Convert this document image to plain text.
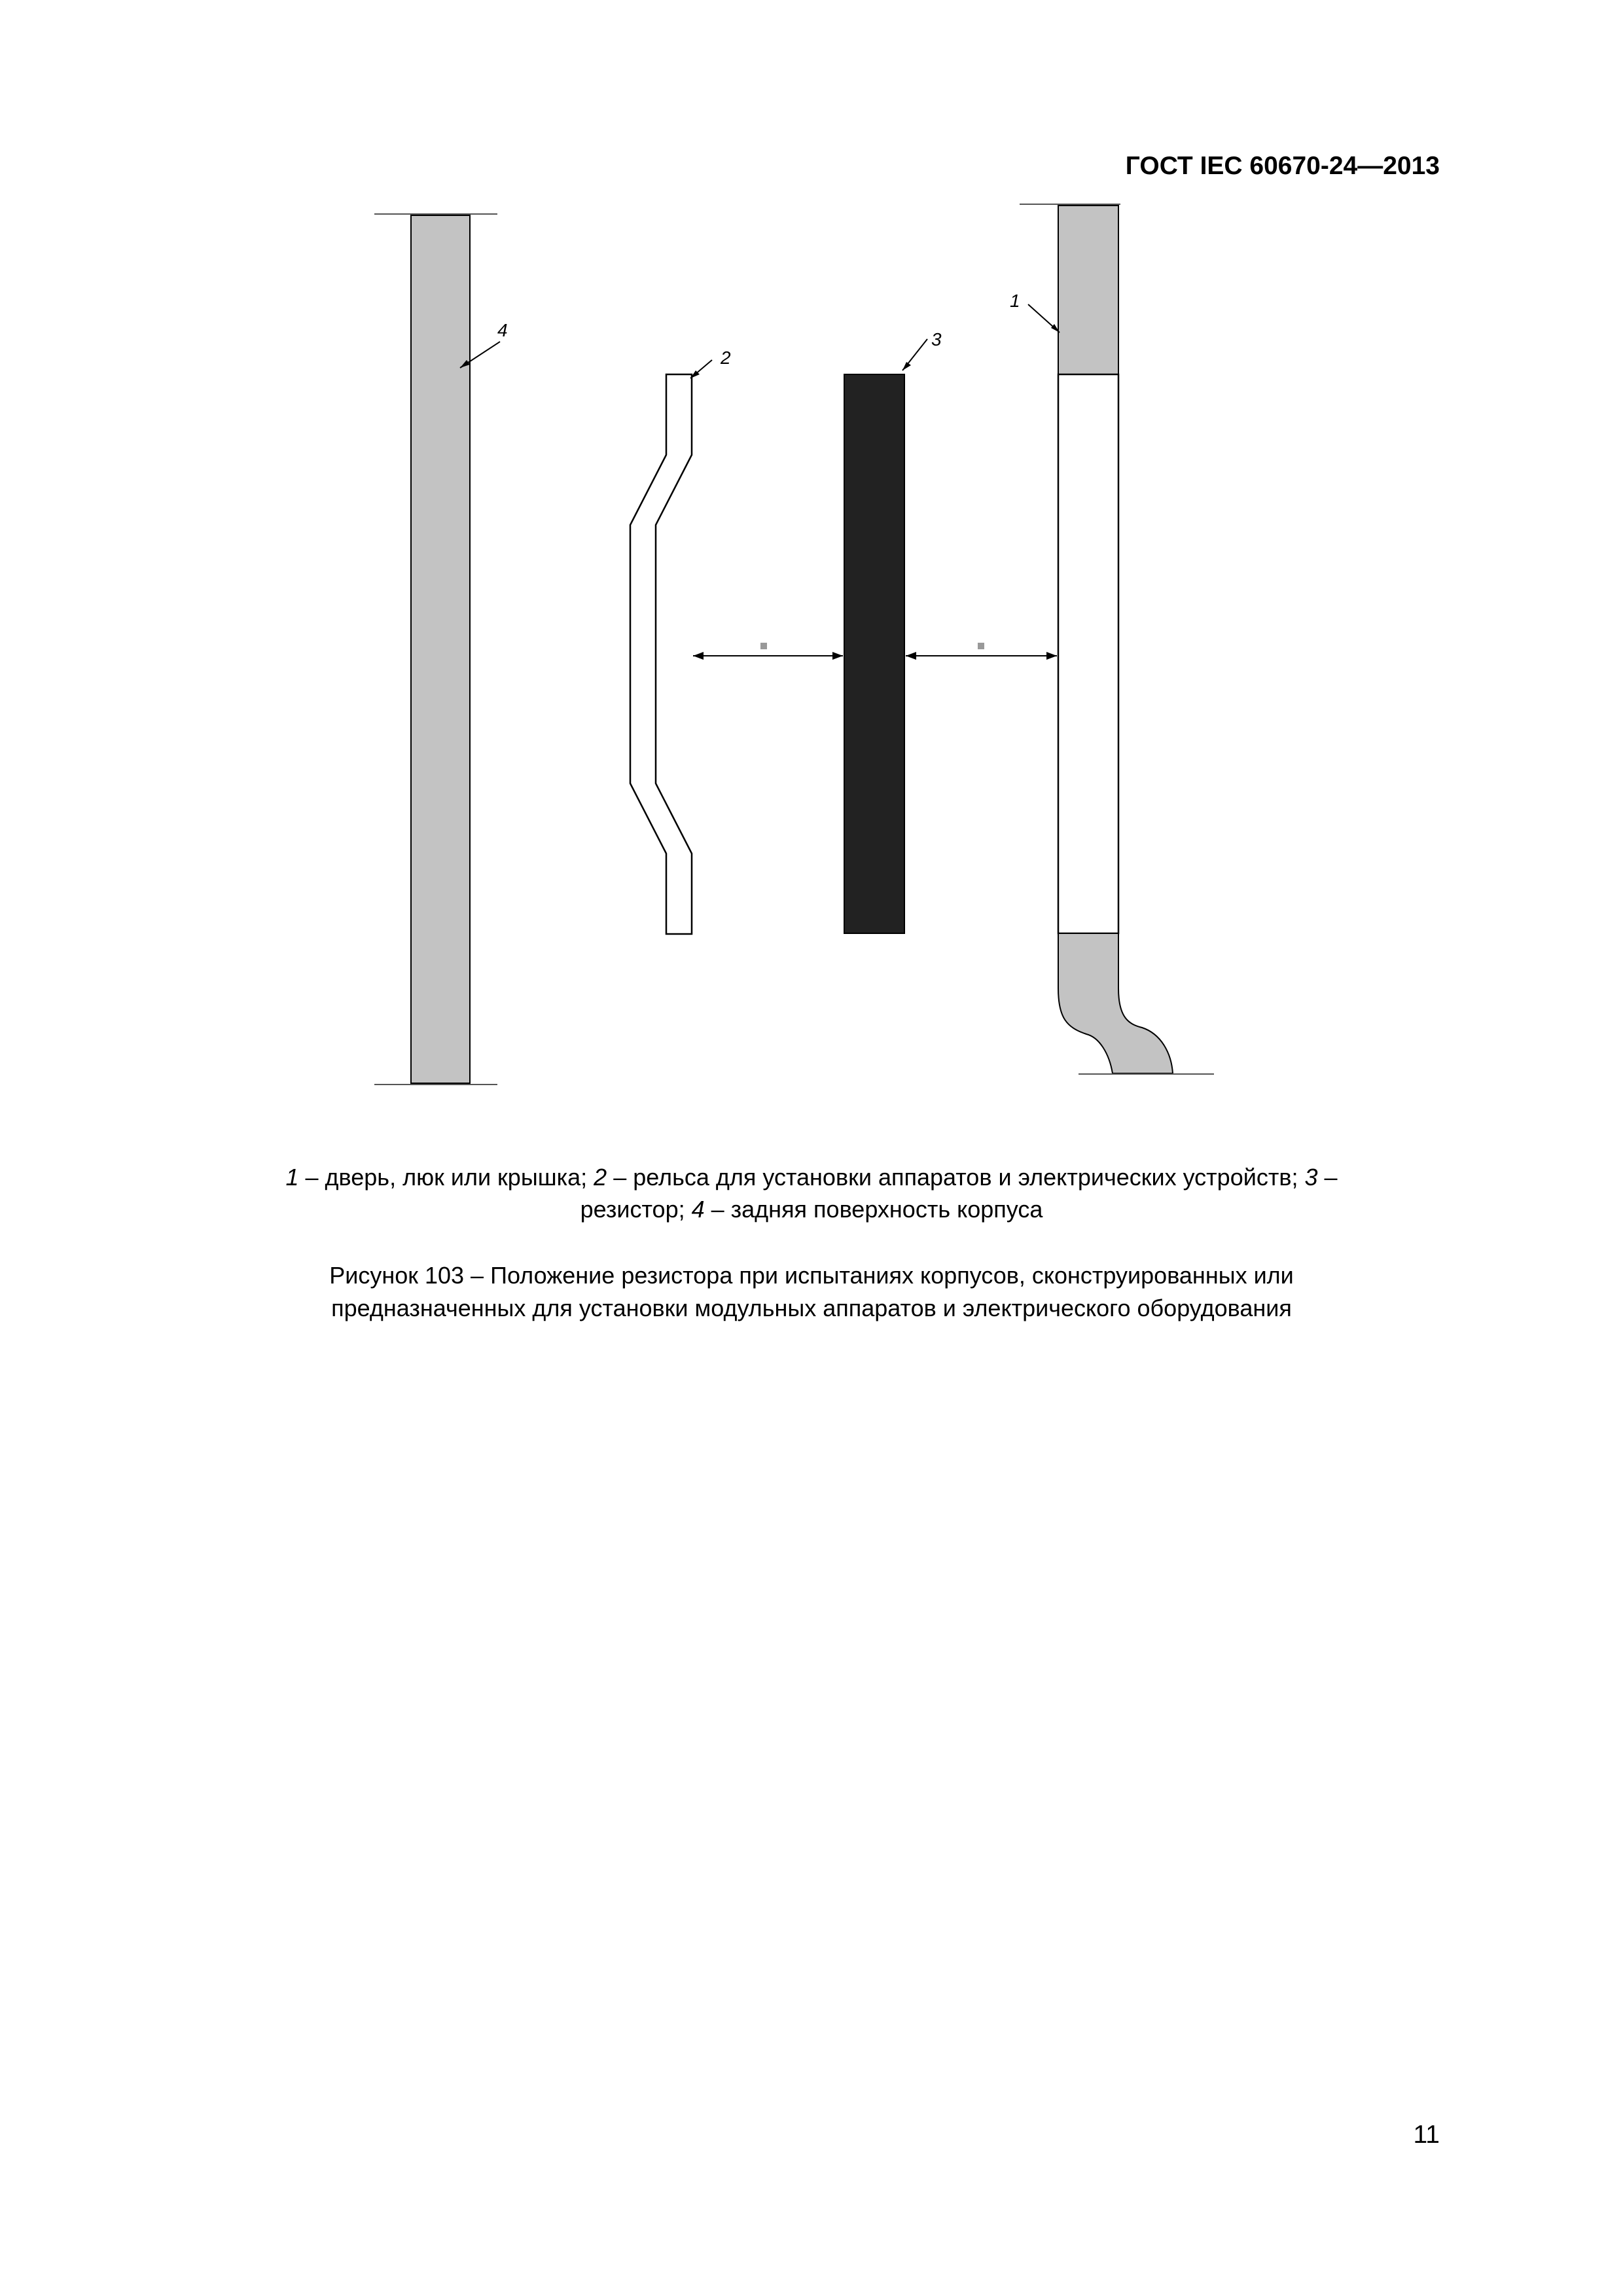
ГОСТ IEC 60670-24—2013
1
2
3
4
1 – дверь, люк или крышка; 2 – рельса для установки аппаратов и электрических устройств; 3 –
резистор; 4 – задняя поверхность корпуса
Рисунок 103 – Положение резистора при испытаниях корпусов, сконструированных или
предназначенных для установки модульных аппаратов и электрического оборудования
11
